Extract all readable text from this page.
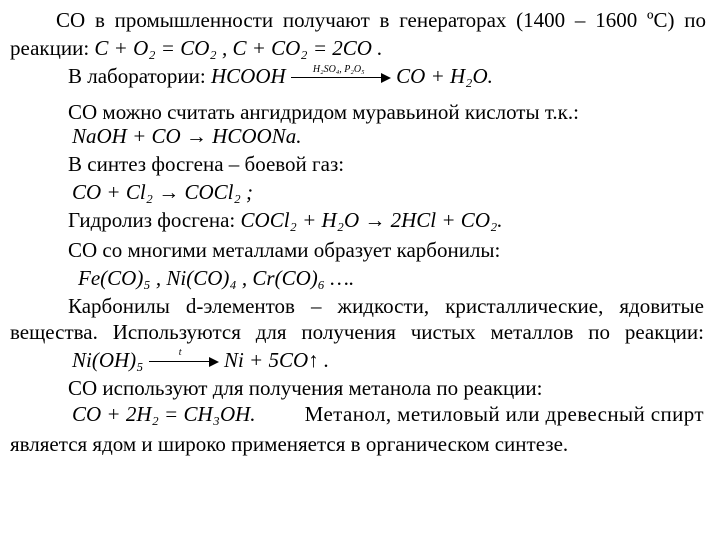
CO в промышленности получают в генераторах (1400 – 1600 ºС) по
реакции: C + O₂ = CO₂ , C + CO₂ = 2CO .
В лаборатории: HCOOH	H₂SO₄, P₂O₅ CO + H₂O.
CO можно считать ангидридом муравьиной кислоты т.к.:
NaOH + CO → HCOONa.
В синтез фосгена – боевой газ:
CO + Cl₂ → COCl₂ ;
Гидролиз фосгена: COCl₂ + H₂O → 2HCl + CO₂.
CO со многими металлами образует карбонилы:
Fe(CO)₅ , Ni(CO)₄ , Cr(CO)₆ ….
Карбонилы d-элементов – жидкости, кристаллические, ядовитые
вещества. Используются для получения чистых металлов по реакции:
Ni(OH)₅	t Ni + 5CO↑ .
CO используют для получения метанола по реакции:
CO + 2H₂ = CH₃OH. Метанол, метиловый или древесный спирт
является ядом и широко применяется в органическом синтезе.
